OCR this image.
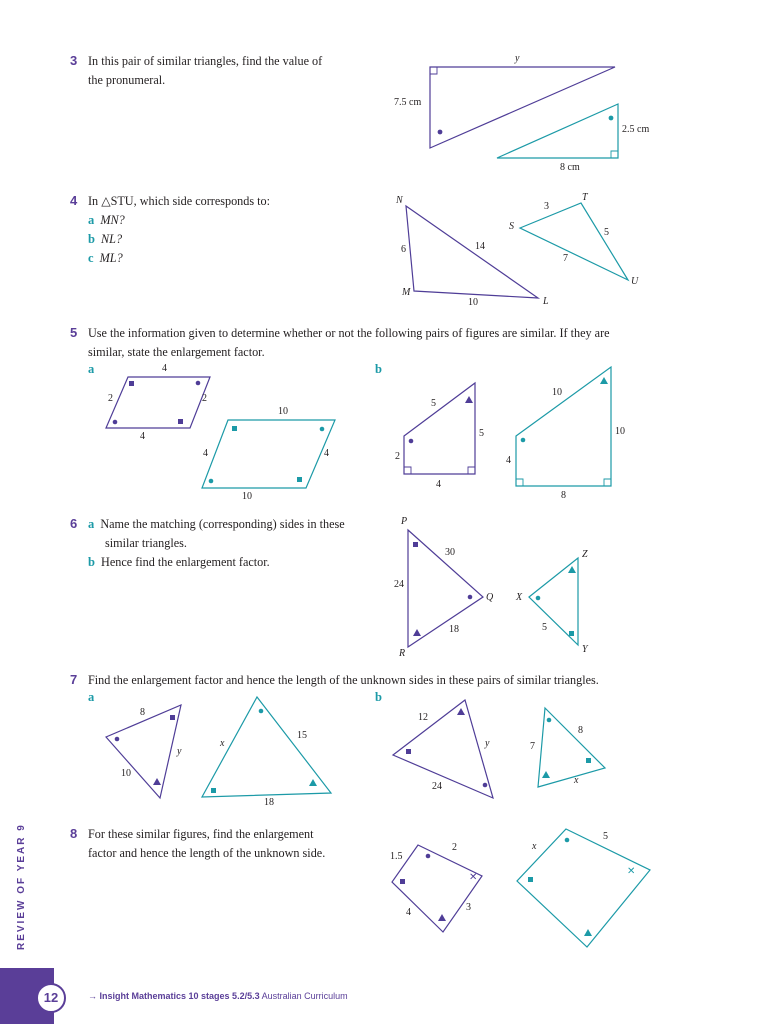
✕
✕
3 In this pair of similar triangles, find the value of
the pronumeral.
y
7.5 cm
2.5 cm
8 cm
4 In △STU, which side corresponds to:
a MN?
b NL?
c ML?
N
M
L
6	14
10
S
T
U
3
5
7
5 Use the information given to determine whether or not the following pairs of figures are similar. If they are
similar, state the enlargement factor.
a	b
4
2	2
4
10
4	4
10
5
5
2
4
10
10
4
8
6 a Name the matching (corresponding) sides in these
similar triangles.
b Hence find the enlargement factor.
P
Q
R
30
24
18
X
Y
Z
5
7 Find the enlargement factor and hence the length of the unknown sides in these pairs of similar triangles.
a	b
8
y
10
x
15
18
12
y
24
7
8
x
8 For these similar figures, find the enlargement
factor and hence the length of the unknown side.	1.5
2
4	3
x
5
REVIEW OF YEAR 9
12	→ Insight Mathematics 10 stages 5.2/5.3 Australian Curriculum
